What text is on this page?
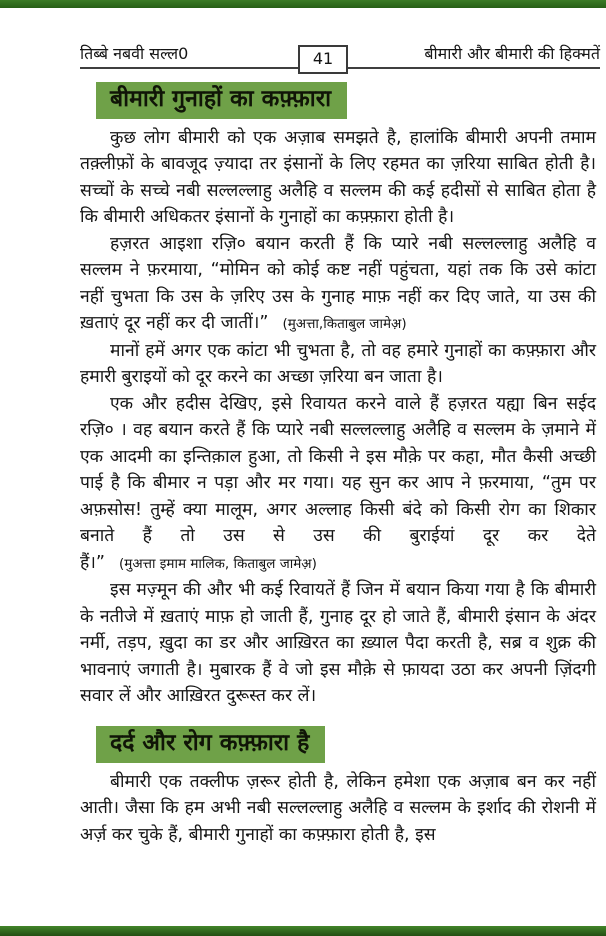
तिब्बे नबवी सल्ल0	41	बीमारी और बीमारी की हिक्मतें
बीमारी गुनाहों का कफ़्फ़ारा

कुछ लोग बीमारी को एक अज़ाब समझते है, हालांकि बीमारी अपनी तमाम तक़्लीफ़ों के बावजूद ज़्यादा तर इंसानों के लिए रहमत का ज़रिया साबित होती है। सच्चों के सच्चे नबी सल्लल्लाहु अलैहि व सल्लम की कई हदीसों से साबित होता है कि बीमारी अधिकतर इंसानों के गुनाहों का कफ़्फ़ारा होती है।

हज़रत आइशा रज़ि० बयान करती हैं कि प्यारे नबी सल्लल्लाहु अलैहि व सल्लम ने फ़रमाया, “मोमिन को कोई कष्ट नहीं पहुंचता, यहां तक कि उसे कांटा नहीं चुभता कि उस के ज़रिए उस के गुनाह माफ़ नहीं कर दिए जाते, या उस की ख़ताएं दूर नहीं कर दी जातीं।” (मुअत्ता,किताबुल जामेअ़)

मानों हमें अगर एक कांटा भी चुभता है, तो वह हमारे गुनाहों का कफ़्फ़ारा और हमारी बुराइयों को दूर करने का अच्छा ज़रिया बन जाता है।

एक और हदीस देखिए, इसे रिवायत करने वाले हैं हज़रत यह्या बिन सईद रज़ि० । वह बयान करते हैं कि प्यारे नबी सल्लल्लाहु अलैहि व सल्लम के ज़माने में एक आदमी का इन्तिक़ाल हुआ, तो किसी ने इस मौक़े पर कहा, मौत कैसी अच्छी पाई है कि बीमार न पड़ा और मर गया। यह सुन कर आप ने फ़रमाया, “तुम पर अफ़सोस! तुम्हें क्या मालूम, अगर अल्लाह किसी बंदे को किसी रोग का शिकार बनाते हैं तो उस से उस की बुराईयां दूर कर देते हैं।” (मुअत्ता इमाम मालिक, किताबुल जामेअ़)

इस मज़्मून की और भी कई रिवायतें हैं जिन में बयान किया गया है कि बीमारी के नतीजे में ख़ताएं माफ़ हो जाती हैं, गुनाह दूर हो जाते हैं, बीमारी इंसान के अंदर नर्मी, तड़प, ख़ुदा का डर और आख़िरत का ख़्याल पैदा करती है, सब्र व शुक्र की भावनाएं जगाती है। मुबारक हैं वे जो इस मौक़े से फ़ायदा उठा कर अपनी ज़िंदगी सवार लें और आख़िरत दुरूस्त कर लें।

दर्द और रोग कफ़्फ़ारा है

बीमारी एक तक्लीफ ज़रूर होती है, लेकिन हमेशा एक अज़ाब बन कर नहीं आती। जैसा कि हम अभी नबी सल्लल्लाहु अलैहि व सल्लम के इर्शाद की रोशनी में अर्ज़ कर चुके हैं, बीमारी गुनाहों का कफ़्फ़ारा होती है, इस
